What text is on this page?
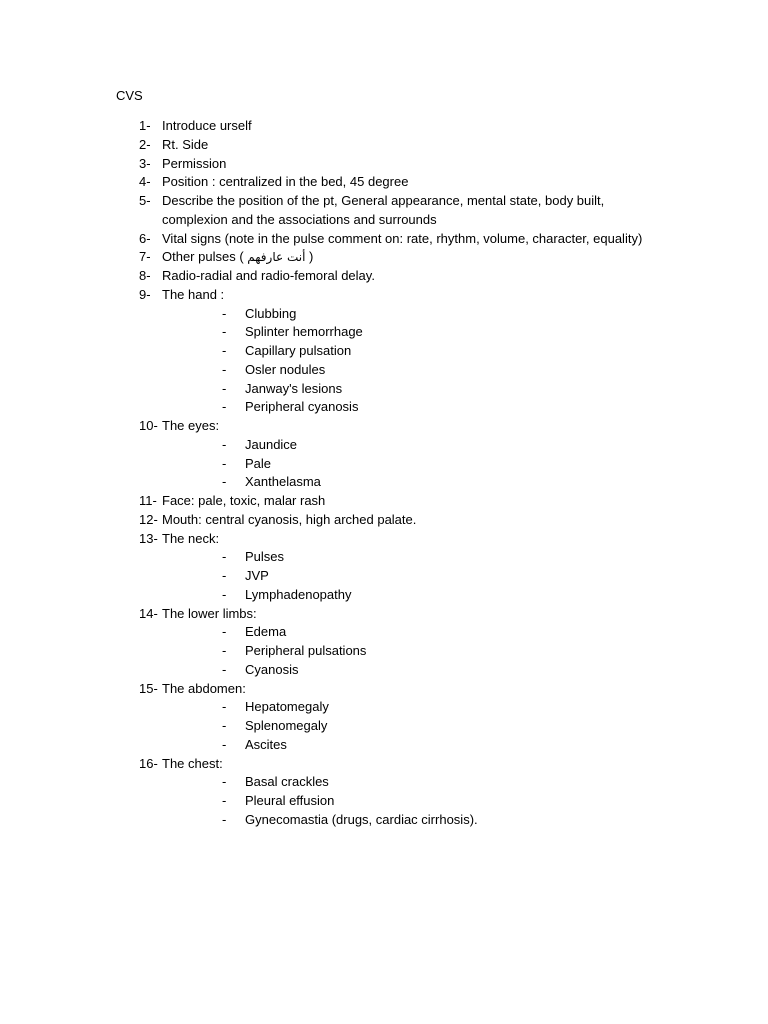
CVS
1- Introduce urself
2- Rt. Side
3- Permission
4- Position : centralized in the bed, 45 degree
5- Describe the position of the pt, General appearance, mental state, body built, complexion and the associations and surrounds
6- Vital signs (note in the pulse comment on: rate, rhythm, volume, character, equality)
7- Other pulses ( أنت عارفهم )
8- Radio-radial and radio-femoral delay.
9- The hand :
- Clubbing
- Splinter hemorrhage
- Capillary pulsation
- Osler nodules
- Janway's lesions
- Peripheral cyanosis
10- The eyes:
- Jaundice
- Pale
- Xanthelasma
11- Face: pale, toxic, malar rash
12- Mouth: central cyanosis, high arched palate.
13- The neck:
- Pulses
- JVP
- Lymphadenopathy
14- The lower limbs:
- Edema
- Peripheral pulsations
- Cyanosis
15- The abdomen:
- Hepatomegaly
- Splenomegaly
- Ascites
16- The chest:
- Basal crackles
- Pleural effusion
- Gynecomastia (drugs, cardiac cirrhosis).
